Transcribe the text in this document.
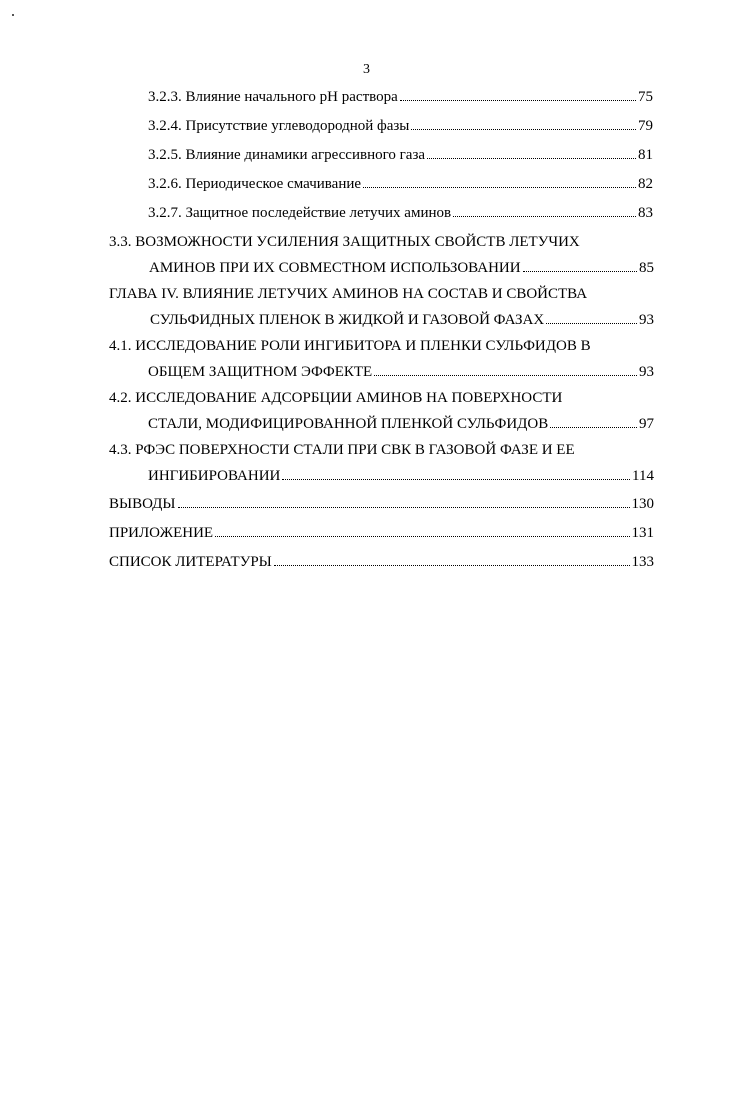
3
3.2.3. Влияние начального рН раствора	75
3.2.4. Присутствие углеводородной фазы	79
3.2.5. Влияние динамики агрессивного газа	81
3.2.6. Периодическое смачивание	82
3.2.7. Защитное последействие летучих аминов	83
3.3. ВОЗМОЖНОСТИ УСИЛЕНИЯ ЗАЩИТНЫХ СВОЙСТВ ЛЕТУЧИХ
АМИНОВ ПРИ ИХ СОВМЕСТНОМ ИСПОЛЬЗОВАНИИ	85
ГЛАВА IV. ВЛИЯНИЕ ЛЕТУЧИХ АМИНОВ НА СОСТАВ И СВОЙСТВА
СУЛЬФИДНЫХ ПЛЕНОК В ЖИДКОЙ И ГАЗОВОЙ ФАЗАХ	93
4.1. ИССЛЕДОВАНИЕ РОЛИ ИНГИБИТОРА И ПЛЕНКИ СУЛЬФИДОВ В
ОБЩЕМ ЗАЩИТНОМ ЭФФЕКТЕ	93
4.2. ИССЛЕДОВАНИЕ АДСОРБЦИИ АМИНОВ НА ПОВЕРХНОСТИ
СТАЛИ, МОДИФИЦИРОВАННОЙ ПЛЕНКОЙ СУЛЬФИДОВ	97
4.3. РФЭС ПОВЕРХНОСТИ СТАЛИ ПРИ СВК В ГАЗОВОЙ ФАЗЕ И ЕЕ
ИНГИБИРОВАНИИ	114
ВЫВОДЫ	130
ПРИЛОЖЕНИЕ	131
СПИСОК ЛИТЕРАТУРЫ	133
